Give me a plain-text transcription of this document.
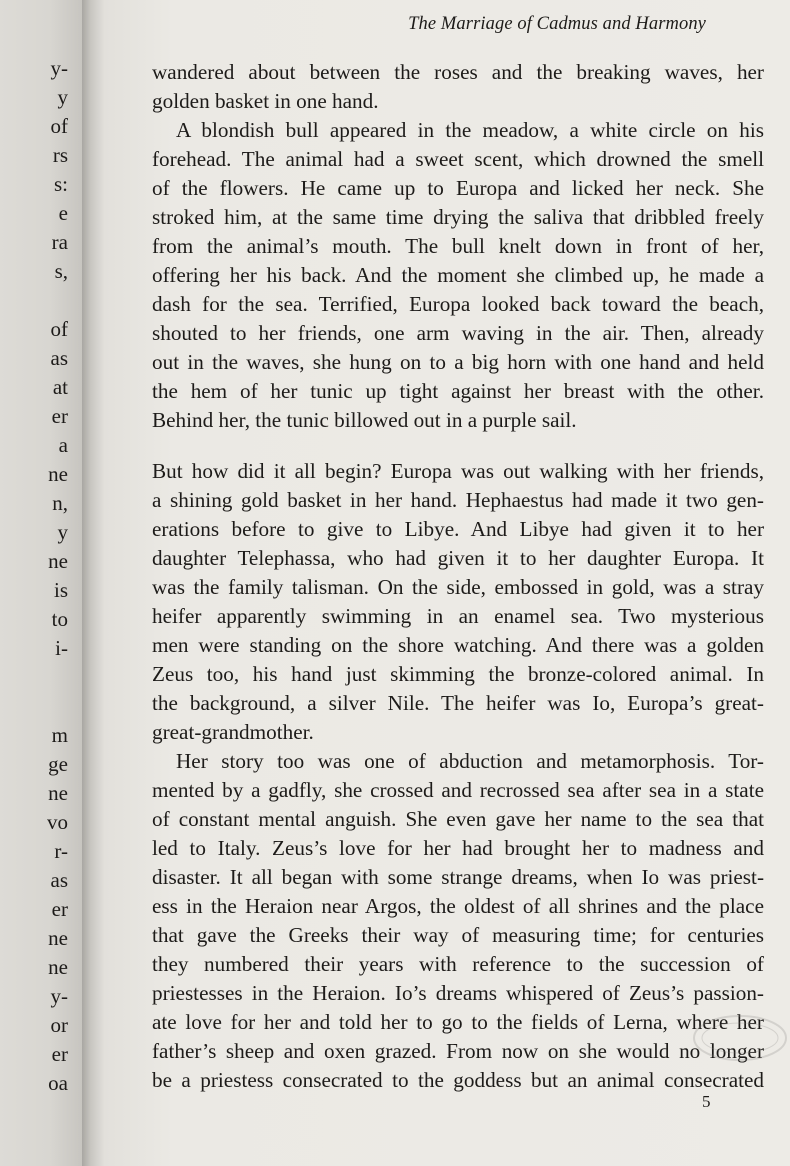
y-
y
of
rs
s:
e
ra
s,
of
as
at
er
a
ne
n,
y
ne
is
to
i-
m
ge
ne
vo
r-
as
er
ne
ne
y-
or
er
oa
The Marriage of Cadmus and Harmony
wandered about between the roses and the breaking waves, her
golden basket in one hand.
A blondish bull appeared in the meadow, a white circle on his
forehead. The animal had a sweet scent, which drowned the smell
of the flowers. He came up to Europa and licked her neck. She
stroked him, at the same time drying the saliva that dribbled freely
from the animal’s mouth. The bull knelt down in front of her,
offering her his back. And the moment she climbed up, he made a
dash for the sea. Terrified, Europa looked back toward the beach,
shouted to her friends, one arm waving in the air. Then, already
out in the waves, she hung on to a big horn with one hand and held
the hem of her tunic up tight against her breast with the other.
Behind her, the tunic billowed out in a purple sail.
But how did it all begin? Europa was out walking with her friends,
a shining gold basket in her hand. Hephaestus had made it two gen-
erations before to give to Libye. And Libye had given it to her
daughter Telephassa, who had given it to her daughter Europa. It
was the family talisman. On the side, embossed in gold, was a stray
heifer apparently swimming in an enamel sea. Two mysterious
men were standing on the shore watching. And there was a golden
Zeus too, his hand just skimming the bronze-colored animal. In
the background, a silver Nile. The heifer was Io, Europa’s great-
great-grandmother.
Her story too was one of abduction and metamorphosis. Tor-
mented by a gadfly, she crossed and recrossed sea after sea in a state
of constant mental anguish. She even gave her name to the sea that
led to Italy. Zeus’s love for her had brought her to madness and
disaster. It all began with some strange dreams, when Io was priest-
ess in the Heraion near Argos, the oldest of all shrines and the place
that gave the Greeks their way of measuring time; for centuries
they numbered their years with reference to the succession of
priestesses in the Heraion. Io’s dreams whispered of Zeus’s passion-
ate love for her and told her to go to the fields of Lerna, where her
father’s sheep and oxen grazed. From now on she would no longer
be a priestess consecrated to the goddess but an animal consecrated
5
